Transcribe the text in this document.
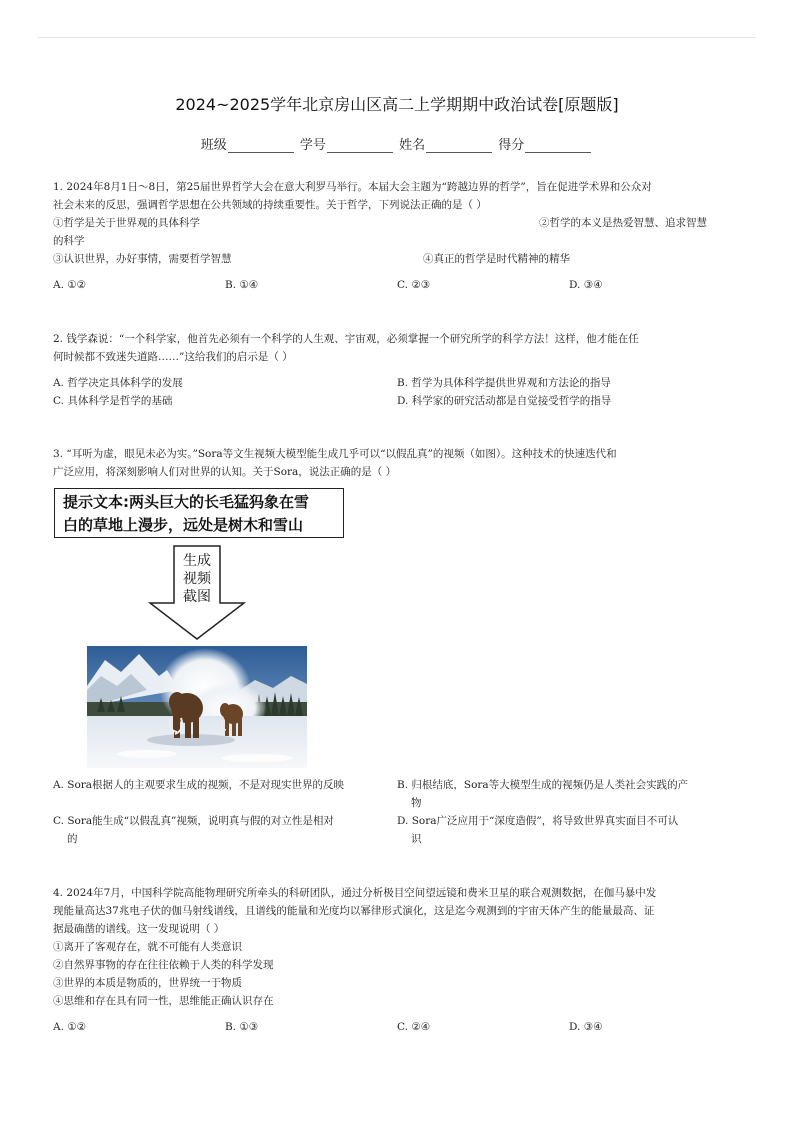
2024~2025学年北京房山区高二上学期期中政治试卷[原题版]
班级	学号	姓名	得分

1. 2024年8月1日～8日，第25届世界哲学大会在意大利罗马举行。本届大会主题为“跨越边界的哲学”，旨在促进学术界和公众对

社会未来的反思，强调哲学思想在公共领域的持续重要性。关于哲学，下列说法正确的是（ ）

①哲学是关于世界观的具体科学	②哲学的本义是热爱智慧、追求智慧
的科学
③认识世界，办好事情，需要哲学智慧	④真正的哲学是时代精神的精华
A. ①②	B. ①④	C. ②③	D. ③④

2. 钱学森说：“一个科学家，他首先必须有一个科学的人生观、宇宙观，必须掌握一个研究所学的科学方法！这样，他才能在任

何时候都不致迷失道路……”这给我们的启示是（ ）

A. 哲学决定具体科学的发展	B. 哲学为具体科学提供世界观和方法论的指导
C. 具体科学是哲学的基础	D. 科学家的研究活动都是自觉接受哲学的指导

3. “耳听为虚，眼见未必为实。”Sora等文生视频大模型能生成几乎可以“以假乱真”的视频（如图）。这种技术的快速迭代和

广泛应用，将深刻影响人们对世界的认知。关于Sora，说法正确的是（ ）

提示文本:两头巨大的长毛猛犸象在雪
白的草地上漫步，远处是树木和雪山
生成
视频
截图
A. Sora根据人的主观要求生成的视频，不是对现实世界的反映	B. 归根结底，Sora等大模型生成的视频仍是人类社会实践的产
物
C. Sora能生成“以假乱真”视频，说明真与假的对立性是相对	D. Sora广泛应用于“深度造假”，将导致世界真实面目不可认
的	识

4. 2024年7月，中国科学院高能物理研究所牵头的科研团队，通过分析极目空间望远镜和费米卫星的联合观测数据，在伽马暴中发

现能量高达37兆电子伏的伽马射线谱线，且谱线的能量和光度均以幂律形式演化，这是迄今观测到的宇宙天体产生的能量最高、证

据最确凿的谱线。这一发现说明（ ）

①离开了客观存在，就不可能有人类意识
②自然界事物的存在往往依赖于人类的科学发现
③世界的本质是物质的，世界统一于物质
④思维和存在具有同一性，思维能正确认识存在
A. ①②	B. ①③	C. ②④	D. ③④
